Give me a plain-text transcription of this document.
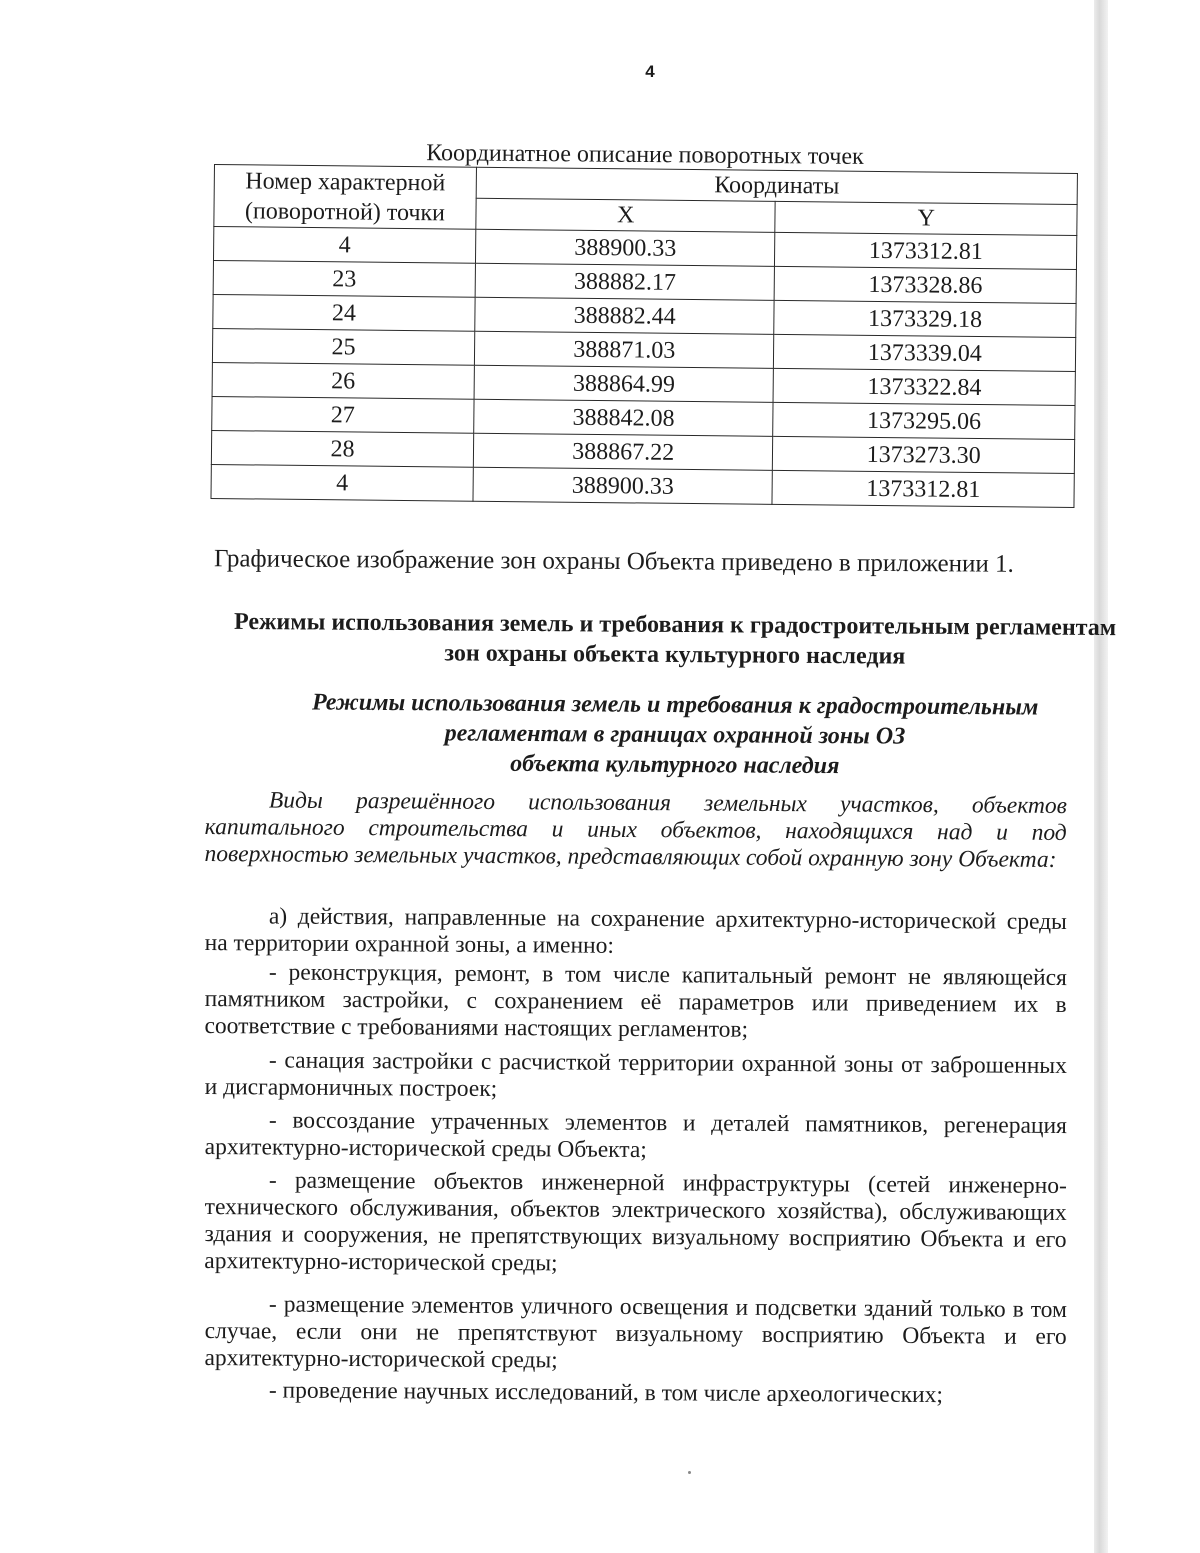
4
Координатное описание поворотных точек
Номер характерной (поворотной) точки	Координаты	
	X	Y
4	388900.33	1373312.81
23	388882.17	1373328.86
24	388882.44	1373329.18
25	388871.03	1373339.04
26	388864.99	1373322.84
27	388842.08	1373295.06
28	388867.22	1373273.30
4	388900.33	1373312.81
Графическое изображение зон охраны Объекта приведено в приложении 1.
Режимы использования земель и требования к градостроительным регламентам зон охраны объекта культурного наследия
Режимы использования земель и требования к градостроительным
регламентам в границах охранной зоны ОЗ
объекта культурного наследия
Виды разрешённого использования земельных участков, объектов капитального строительства и иных объектов, находящихся над и под поверхностью земельных участков, представляющих собой охранную зону Объекта:
а) действия, направленные на сохранение архитектурно-исторической среды на территории охранной зоны, а именно:
- реконструкция, ремонт, в том числе капитальный ремонт не являющейся памятником застройки, с сохранением её параметров или приведением их в соответствие с требованиями настоящих регламентов;
- санация застройки с расчисткой территории охранной зоны от заброшенных и дисгармоничных построек;
- воссоздание утраченных элементов и деталей памятников, регенерация архитектурно-исторической среды Объекта;
- размещение объектов инженерной инфраструктуры (сетей инженерно-технического обслуживания, объектов электрического хозяйства), обслуживающих здания и сооружения, не препятствующих визуальному восприятию Объекта и его архитектурно-исторической среды;
- размещение элементов уличного освещения и подсветки зданий только в том случае, если они не препятствуют визуальному восприятию Объекта и его архитектурно-исторической среды;
- проведение научных исследований, в том числе археологических;
